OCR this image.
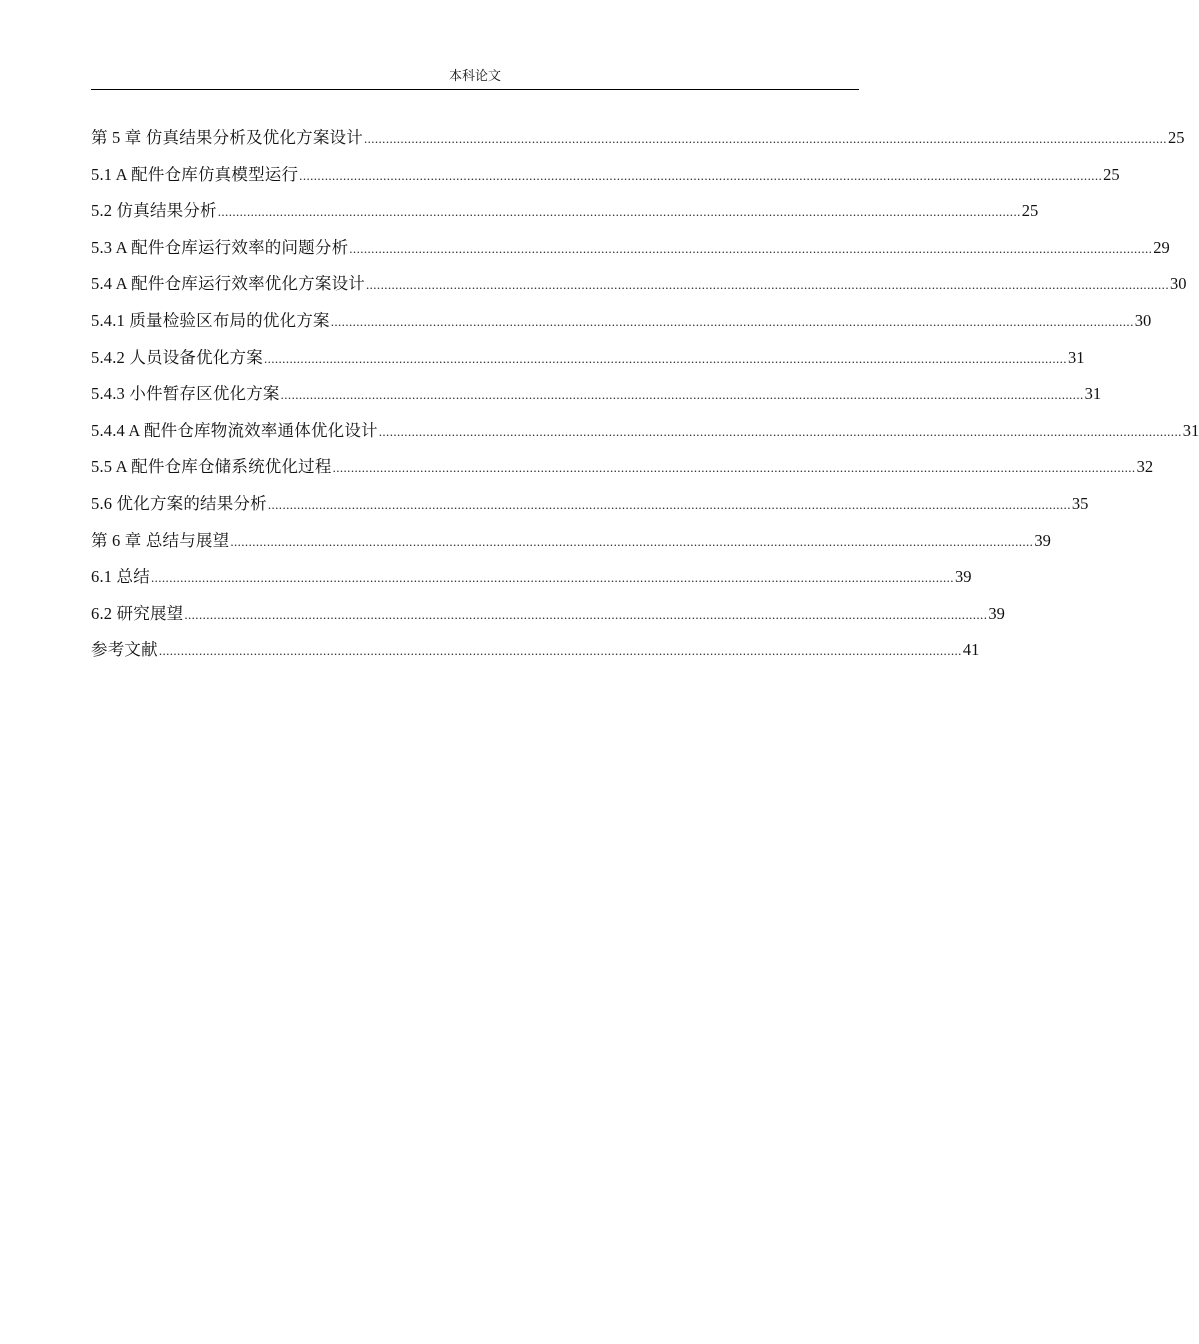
本科论文
第 5 章 仿真结果分析及优化方案设计 ............................................................................................................................................................................................................................ 25
5.1 A 配件仓库仿真模型运行 ............................................................................................................................................................................................................................ 25
5.2 仿真结果分析 ............................................................................................................................................................................................................................ 25
5.3 A 配件仓库运行效率的问题分析 ............................................................................................................................................................................................................................ 29
5.4 A 配件仓库运行效率优化方案设计 ............................................................................................................................................................................................................................ 30
5.4.1 质量检验区布局的优化方案 ............................................................................................................................................................................................................................ 30
5.4.2 人员设备优化方案 ............................................................................................................................................................................................................................ 31
5.4.3 小件暂存区优化方案 ............................................................................................................................................................................................................................ 31
5.4.4 A 配件仓库物流效率通体优化设计 ............................................................................................................................................................................................................................ 31
5.5 A 配件仓库仓储系统优化过程 ............................................................................................................................................................................................................................ 32
5.6 优化方案的结果分析 ............................................................................................................................................................................................................................ 35
第 6 章 总结与展望 ............................................................................................................................................................................................................................ 39
6.1 总结 ............................................................................................................................................................................................................................ 39
6.2 研究展望 ............................................................................................................................................................................................................................ 39
参考文献 ............................................................................................................................................................................................................................ 41
